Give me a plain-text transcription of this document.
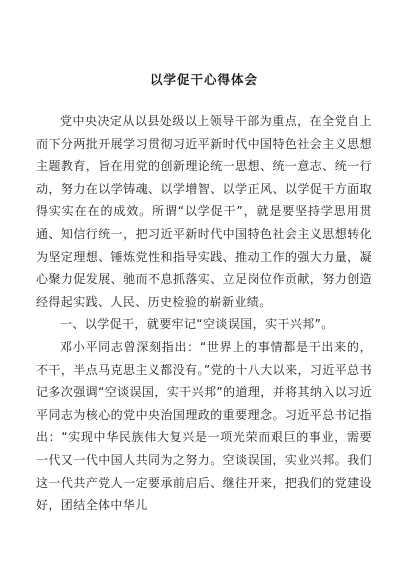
以学促干心得体会

党中央决定从以县处级以上领导干部为重点，在全党自上而下分两批开展学习贯彻习近平新时代中国特色社会主义思想主题教育，旨在用党的创新理论统一思想、统一意志、统一行动，努力在以学铸魂、以学增智、以学正风、以学促干方面取得实实在在的成效。所谓“以学促干”，就是要坚持学思用贯通、知信行统一，把习近平新时代中国特色社会主义思想转化为坚定理想、锤炼党性和指导实践、推动工作的强大力量，凝心聚力促发展、驰而不息抓落实、立足岗位作贡献，努力创造经得起实践、人民、历史检验的崭新业绩。

一、以学促干，就要牢记“空谈误国，实干兴邦”。

邓小平同志曾深刻指出：“世界上的事情都是干出来的，不干，半点马克思主义都没有。”党的十八大以来，习近平总书记多次强调“空谈误国，实干兴邦”的道理，并将其纳入以习近平同志为核心的党中央治国理政的重要理念。习近平总书记指出：“实现中华民族伟大复兴是一项光荣而艰巨的事业，需要一代又一代中国人共同为之努力。空谈误国，实业兴邦。我们这一代共产党人一定要承前启后、继往开来，把我们的党建设好，团结全体中华儿
